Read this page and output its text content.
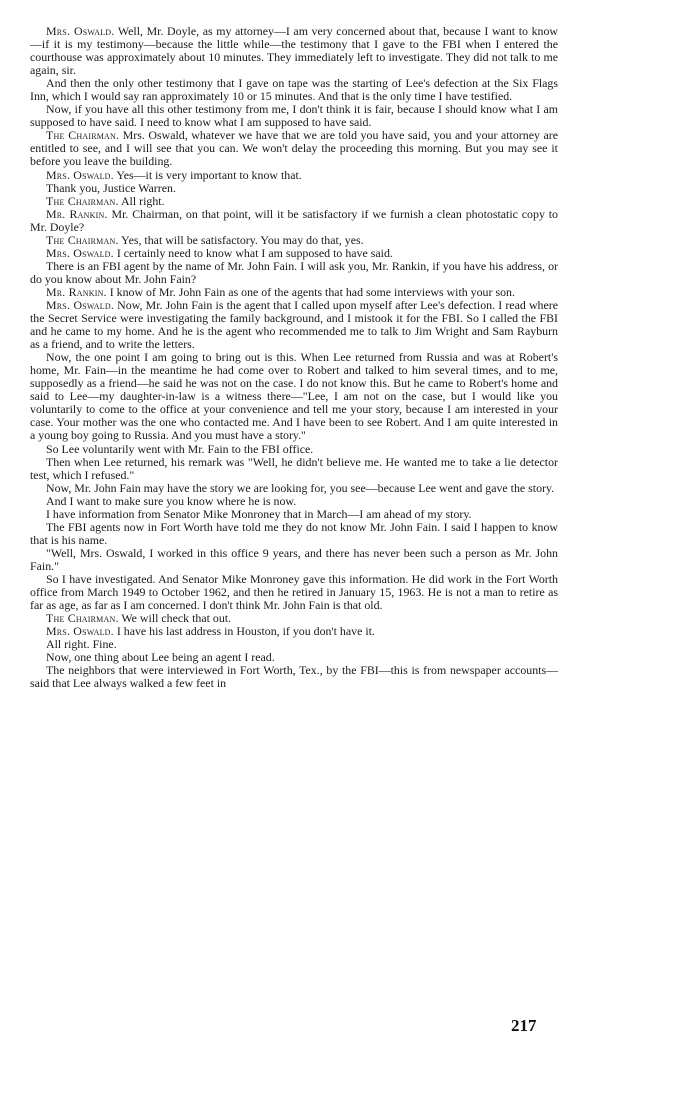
Mrs. Oswald. Well, Mr. Doyle, as my attorney—I am very concerned about that, because I want to know—if it is my testimony—because the little while—the testimony that I gave to the FBI when I entered the courthouse was approximately about 10 minutes. They immediately left to investigate. They did not talk to me again, sir.

And then the only other testimony that I gave on tape was the starting of Lee's defection at the Six Flags Inn, which I would say ran approximately 10 or 15 minutes. And that is the only time I have testified.

Now, if you have all this other testimony from me, I don't think it is fair, because I should know what I am supposed to have said. I need to know what I am supposed to have said.

The Chairman. Mrs. Oswald, whatever we have that we are told you have said, you and your attorney are entitled to see, and I will see that you can. We won't delay the proceeding this morning. But you may see it before you leave the building.

Mrs. Oswald. Yes—it is very important to know that.

Thank you, Justice Warren.

The Chairman. All right.

Mr. Rankin. Mr. Chairman, on that point, will it be satisfactory if we furnish a clean photostatic copy to Mr. Doyle?

The Chairman. Yes, that will be satisfactory. You may do that, yes.

Mrs. Oswald. I certainly need to know what I am supposed to have said.

There is an FBI agent by the name of Mr. John Fain. I will ask you, Mr. Rankin, if you have his address, or do you know about Mr. John Fain?

Mr. Rankin. I know of Mr. John Fain as one of the agents that had some interviews with your son.

Mrs. Oswald. Now, Mr. John Fain is the agent that I called upon myself after Lee's defection. I read where the Secret Service were investigating the family background, and I mistook it for the FBI. So I called the FBI and he came to my home. And he is the agent who recommended me to talk to Jim Wright and Sam Rayburn as a friend, and to write the letters.

Now, the one point I am going to bring out is this. When Lee returned from Russia and was at Robert's home, Mr. Fain—in the meantime he had come over to Robert and talked to him several times, and to me, supposedly as a friend—he said he was not on the case. I do not know this. But he came to Robert's home and said to Lee—my daughter-in-law is a witness there—"Lee, I am not on the case, but I would like you voluntarily to come to the office at your convenience and tell me your story, because I am interested in your case. Your mother was the one who contacted me. And I have been to see Robert. And I am quite interested in a young boy going to Russia. And you must have a story."

So Lee voluntarily went with Mr. Fain to the FBI office.

Then when Lee returned, his remark was "Well, he didn't believe me. He wanted me to take a lie detector test, which I refused."

Now, Mr. John Fain may have the story we are looking for, you see—because Lee went and gave the story.

And I want to make sure you know where he is now.

I have information from Senator Mike Monroney that in March—I am ahead of my story.

The FBI agents now in Fort Worth have told me they do not know Mr. John Fain. I said I happen to know that is his name.

"Well, Mrs. Oswald, I worked in this office 9 years, and there has never been such a person as Mr. John Fain."

So I have investigated. And Senator Mike Monroney gave this information. He did work in the Fort Worth office from March 1949 to October 1962, and then he retired in January 15, 1963. He is not a man to retire as far as age, as far as I am concerned. I don't think Mr. John Fain is that old.

The Chairman. We will check that out.

Mrs. Oswald. I have his last address in Houston, if you don't have it.

All right. Fine.

Now, one thing about Lee being an agent I read.

The neighbors that were interviewed in Fort Worth, Tex., by the FBI—this is from newspaper accounts—said that Lee always walked a few feet in

217
